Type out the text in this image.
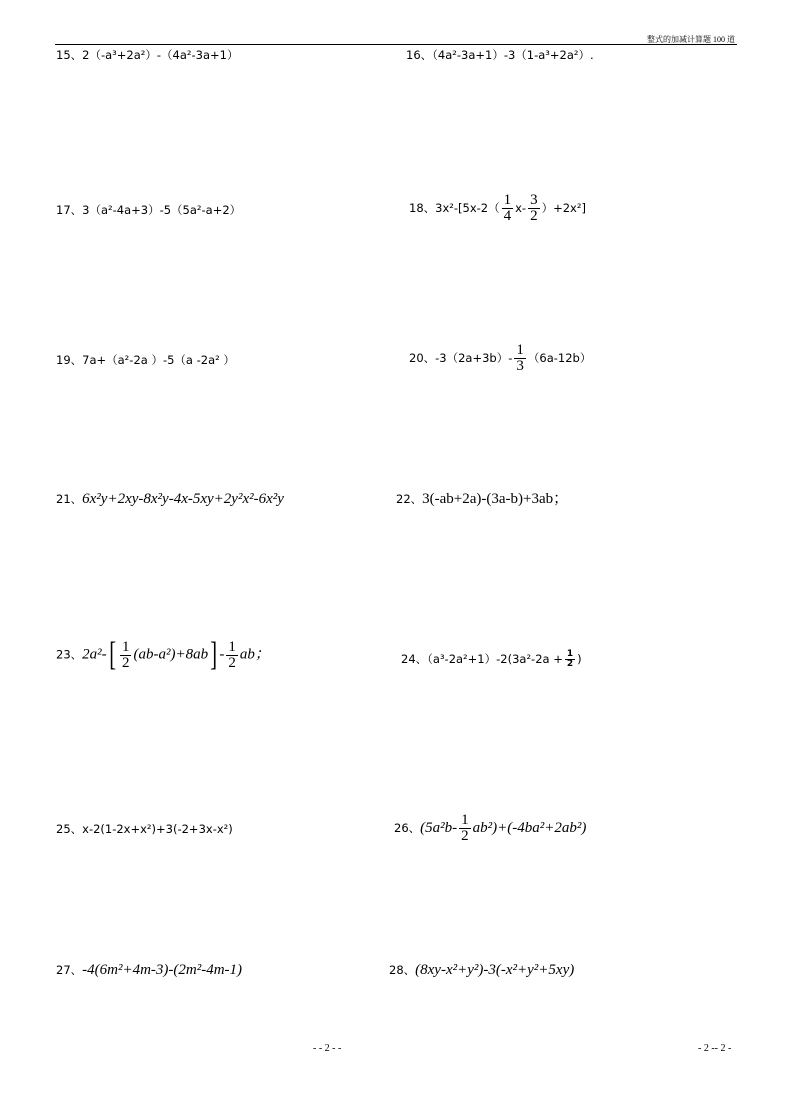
整式的加减计算题 100 道
15、2（-a³+2a²）-（4a²-3a+1）	16、（4a²-3a+1）-3（1-a³+2a²）.
17、3（a²-4a+3）-5（5a²-a+2）	18、$3x^2-[5x-2( \frac{1}{4} x- \frac{3}{2} )+2x^2]$
19、7a+（a²-2a ）-5（a -2a² ）	20、$-3(2a+3b)- \frac{1}{3} (6a-12b)$
21、6x²y+2xy-8x²y-4x-5xy+2y²x²-6x²y	22、3(-ab+2a)-(3a-b)+3ab；
23、$2a^2-[ \frac{1}{2} (ab-a^2)+8ab] - \frac{1}{2}$ ab；	24、$(a^3-2a^2+1)-2(3a^2-2a + \frac{1}{2}$ )
25、x-2(1-2x+x²)+3(-2+3x-x²)	26、$(5a^2b- \frac{1}{2} ab^2)+(-4ba^2+2ab^2)$
27、-4(6m²+4m-3)-(2m²-4m-1)	28、(8xy-x²+y²)-3(-x²+y²+5xy)
- - 2 - -	- 2 -- 2 -
